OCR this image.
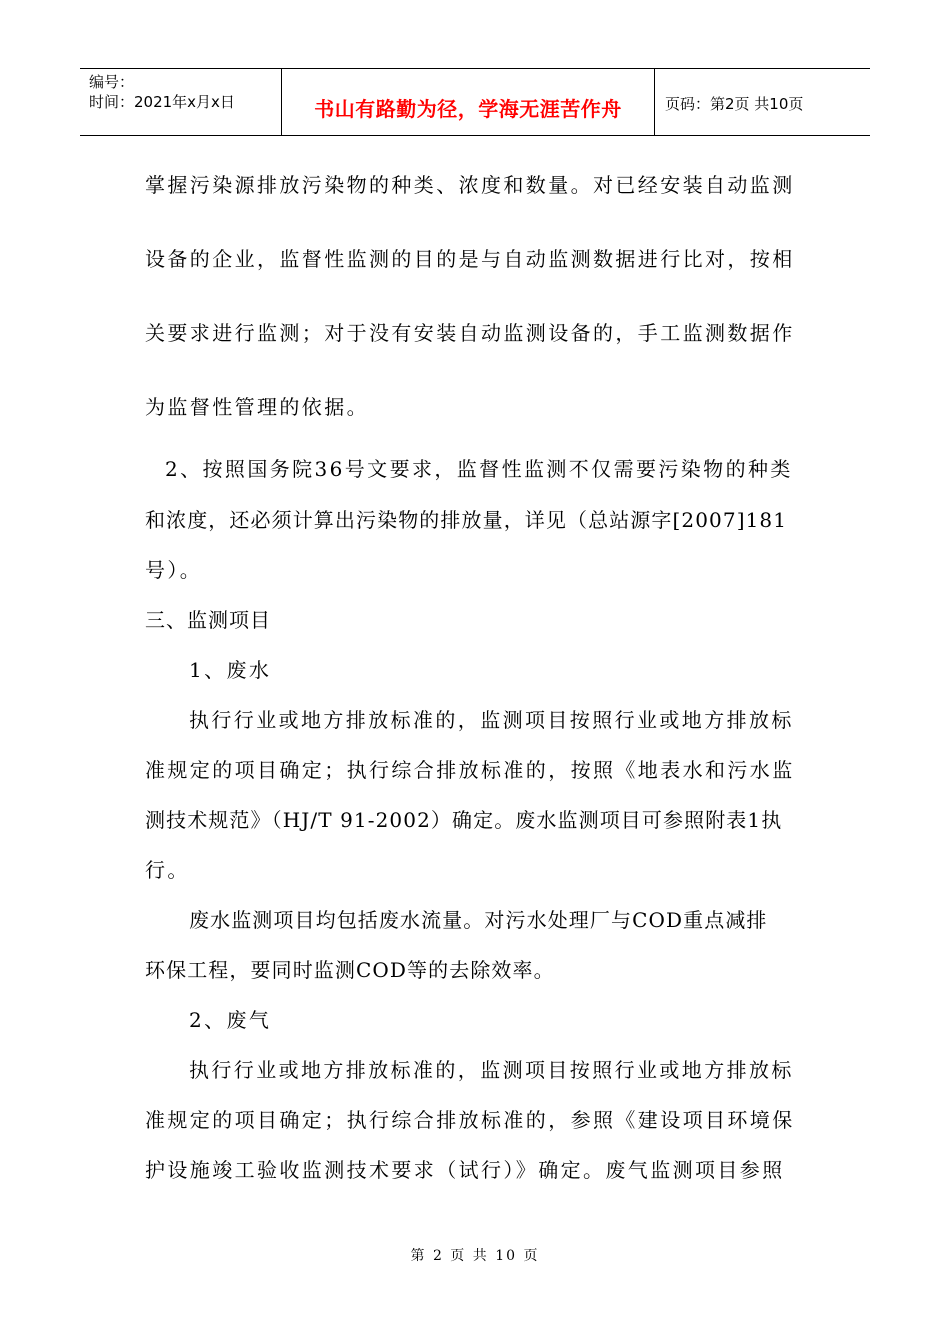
编号：
时间：2021年x月x日	书山有路勤为径，学海无涯苦作舟	页码：第2页 共10页
掌握污染源排放污染物的种类、浓度和数量。对已经安装自动监测
设备的企业，监督性监测的目的是与自动监测数据进行比对，按相
关要求进行监测；对于没有安装自动监测设备的，手工监测数据作
为监督性管理的依据。
2、按照国务院36号文要求，监督性监测不仅需要污染物的种类
和浓度，还必须计算出污染物的排放量，详见（总站源字[2007]181
号）。
三、监测项目
1、废水
执行行业或地方排放标准的，监测项目按照行业或地方排放标
准规定的项目确定；执行综合排放标准的，按照《地表水和污水监
测技术规范》（HJ/T 91-2002）确定。废水监测项目可参照附表1执
行。
废水监测项目均包括废水流量。对污水处理厂与COD重点减排
环保工程，要同时监测COD等的去除效率。
2、废气
执行行业或地方排放标准的，监测项目按照行业或地方排放标
准规定的项目确定；执行综合排放标准的，参照《建设项目环境保
护设施竣工验收监测技术要求（试行）》确定。废气监测项目参照
第 2 页 共 10 页
